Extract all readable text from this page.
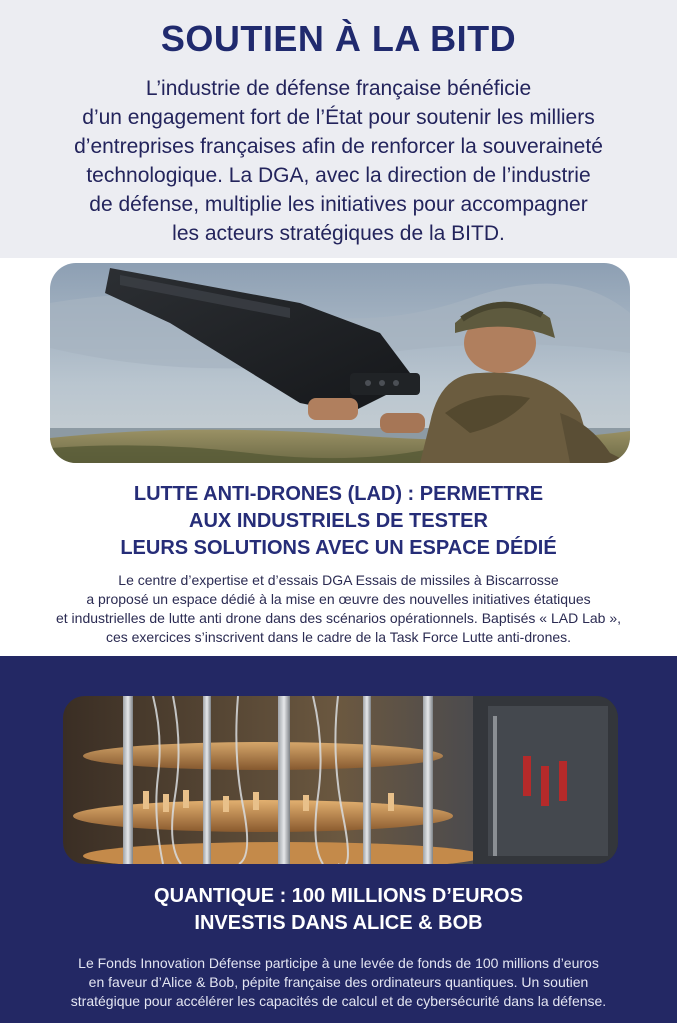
SOUTIEN À LA BITD
L’industrie de défense française bénéficie
d’un engagement fort de l’État pour soutenir les milliers
d’entreprises françaises afin de renforcer la souveraineté
technologique. La DGA, avec la direction de l’industrie
de défense, multiplie les initiatives pour accompagner
les acteurs stratégiques de la BITD.
LUTTE ANTI-DRONES (LAD) : PERMETTRE
AUX INDUSTRIELS DE TESTER
LEURS SOLUTIONS AVEC UN ESPACE DÉDIÉ
Le centre d’expertise et d’essais DGA Essais de missiles à Biscarrosse
a proposé un espace dédié à la mise en œuvre des nouvelles initiatives étatiques
et industrielles de lutte anti drone dans des scénarios opérationnels. Baptisés « LAD Lab »,
ces exercices s’inscrivent dans le cadre de la Task Force Lutte anti-drones.
QUANTIQUE : 100 MILLIONS D’EUROS
INVESTIS DANS ALICE & BOB
Le Fonds Innovation Défense participe à une levée de fonds de 100 millions d’euros
en faveur d’Alice & Bob, pépite française des ordinateurs quantiques. Un soutien
stratégique pour accélérer les capacités de calcul et de cybersécurité dans la défense.
